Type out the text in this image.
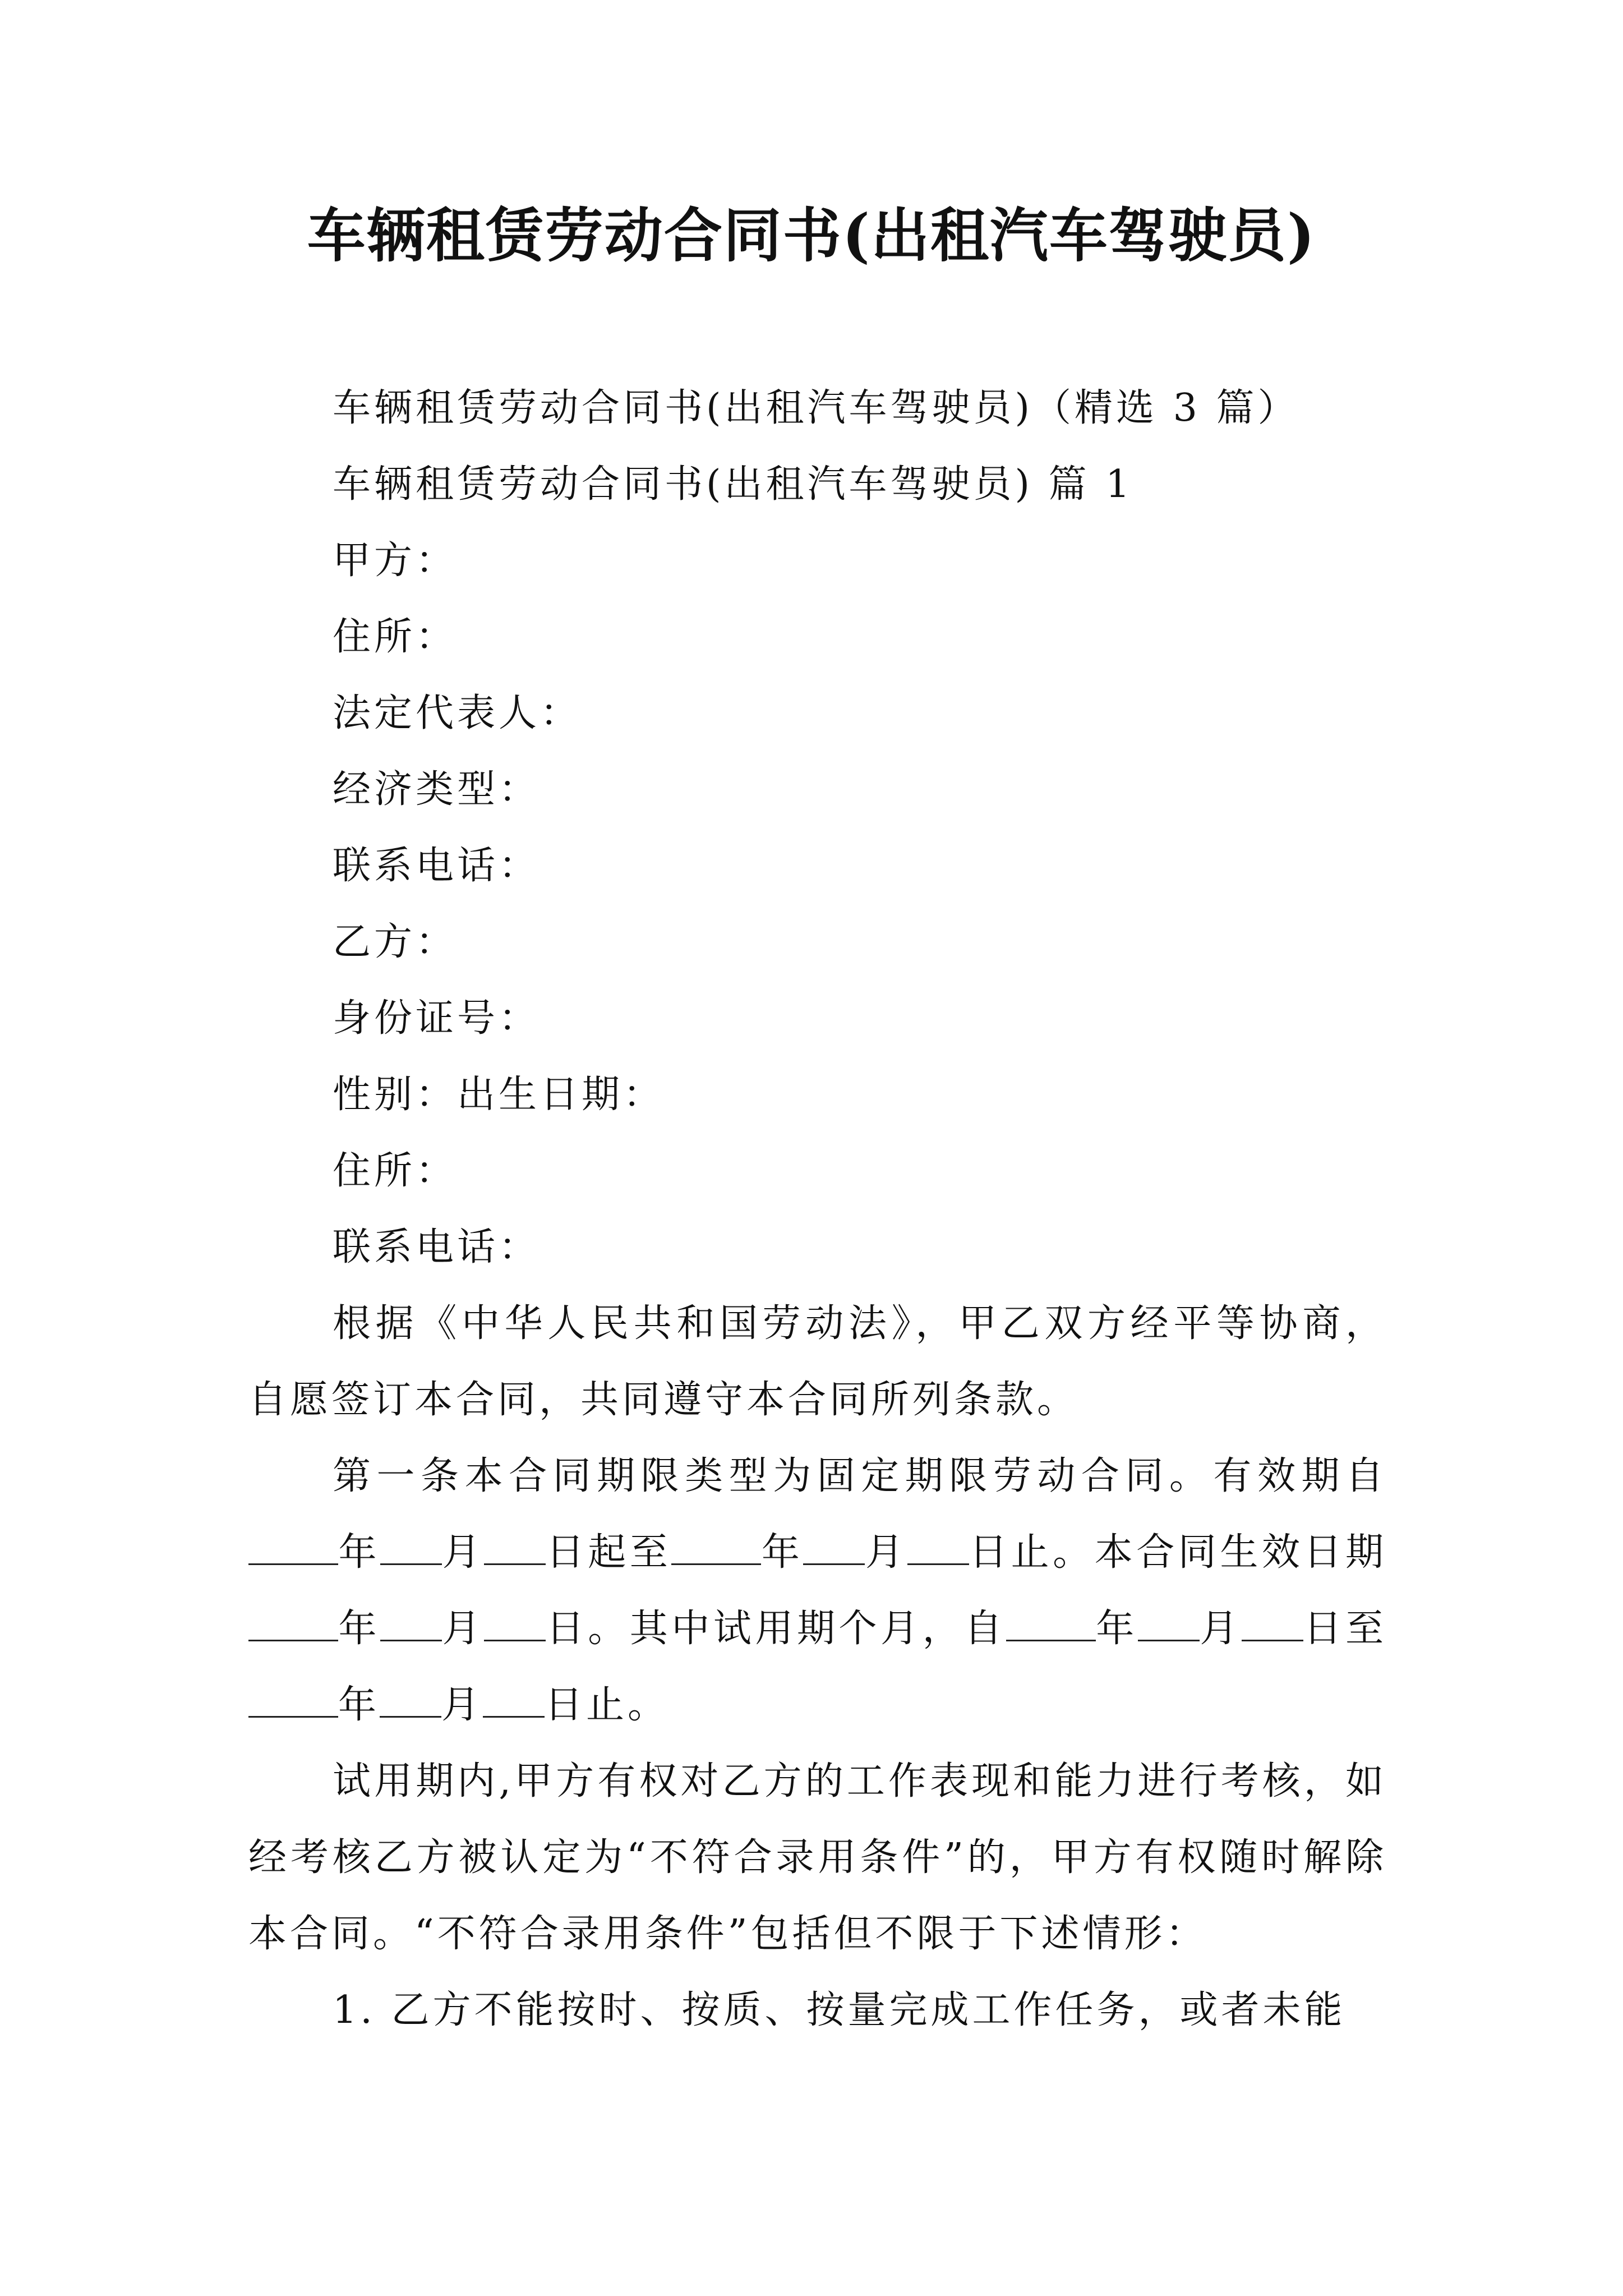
车辆租赁劳动合同书(出租汽车驾驶员)

车辆租赁劳动合同书(出租汽车驾驶员)（精选 3 篇）

车辆租赁劳动合同书(出租汽车驾驶员) 篇 1

甲方：

住所：

法定代表人：

经济类型：

联系电话：

乙方：

身份证号：

性别：出生日期：

住所：

联系电话：

根据《中华人民共和国劳动法》，甲乙双方经平等协商，自愿签订本合同，共同遵守本合同所列条款。

第一条本合同期限类型为固定期限劳动合同。有效期自年 月 日起至 年 月 日止。本合同生效日期年 月 日。其中试用期个月，自 年 月 日至年 月 日止。

试用期内,甲方有权对乙方的工作表现和能力进行考核，如经考核乙方被认定为“不符合录用条件”的，甲方有权随时解除本合同。“不符合录用条件”包括但不限于下述情形：

1. 乙方不能按时、按质、按量完成工作任务，或者未能
